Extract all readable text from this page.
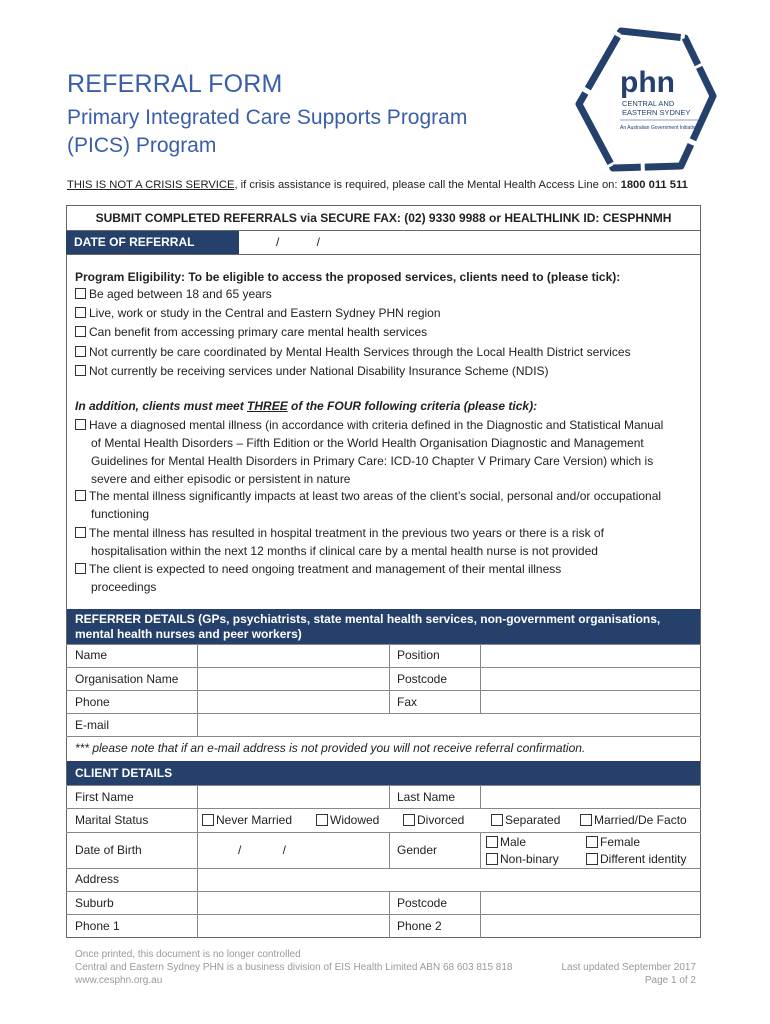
REFERRAL FORM
Primary Integrated Care Supports Program
(PICS) Program
phn
CENTRAL AND
EASTERN SYDNEY
An Australian Government Initiative
THIS IS NOT A CRISIS SERVICE, if crisis assistance is required, please call the Mental Health Access Line on: 1800 011 511
SUBMIT COMPLETED REFERRALS via SECURE FAX: (02) 9330 9988 or HEALTHLINK ID: CESPHNMH
DATE OF REFERRAL	/ /
Program Eligibility: To be eligible to access the proposed services, clients need to (please tick):
Be aged between 18 and 65 years
Live, work or study in the Central and Eastern Sydney PHN region
Can benefit from accessing primary care mental health services
Not currently be care coordinated by Mental Health Services through the Local Health District services
Not currently be receiving services under National Disability Insurance Scheme (NDIS)
In addition, clients must meet THREE of the FOUR following criteria (please tick):
Have a diagnosed mental illness (in accordance with criteria defined in the Diagnostic and Statistical Manual
of Mental Health Disorders – Fifth Edition or the World Health Organisation Diagnostic and Management
Guidelines for Mental Health Disorders in Primary Care: ICD-10 Chapter V Primary Care Version) which is
severe and either episodic or persistent in nature
The mental illness significantly impacts at least two areas of the client’s social, personal and/or occupational
functioning
The mental illness has resulted in hospital treatment in the previous two years or there is a risk of
hospitalisation within the next 12 months if clinical care by a mental health nurse is not provided
The client is expected to need ongoing treatment and management of their mental illness
proceedings
REFERRER DETAILS (GPs, psychiatrists, state mental health services, non-government organisations,
mental health nurses and peer workers)
Name	Position
Organisation Name	Postcode
Phone	Fax
E-mail
*** please note that if an e-mail address is not provided you will not receive referral confirmation.
CLIENT DETAILS
First Name	Last Name
Marital Status	Never Married	Widowed	Divorced	Separated	Married/De Facto
Date of Birth	/ /	Gender
Male	Female
Non-binary	Different identity
Address
Suburb	Postcode
Phone 1	Phone 2
Once printed, this document is no longer controlled
Central and Eastern Sydney PHN is a business division of EIS Health Limited ABN 68 603 815 818
www.cesphn.org.au
Last updated September 2017
Page 1 of 2
